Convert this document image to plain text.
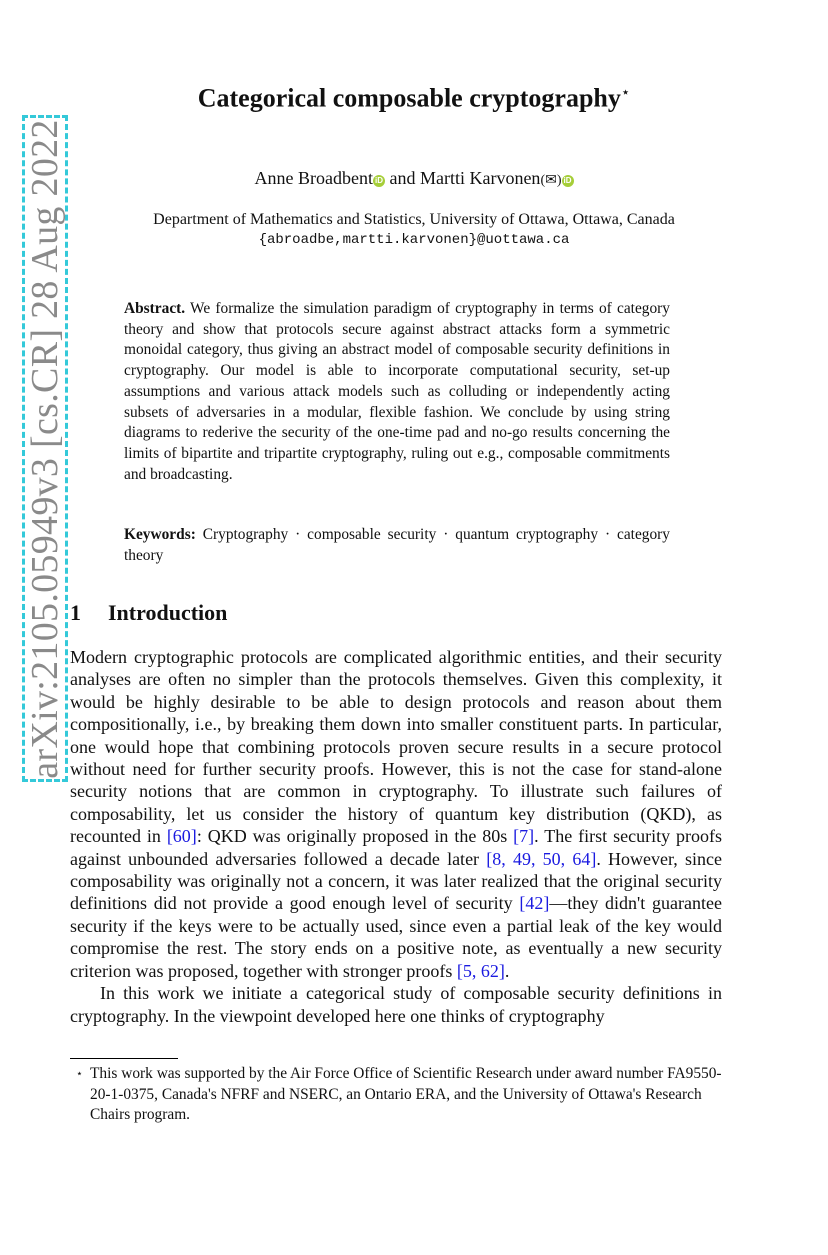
arXiv:2105.05949v3 [cs.CR] 28 Aug 2022
Categorical composable cryptography⋆
Anne Broadbent iD and Martti Karvonen(✉) iD
Department of Mathematics and Statistics, University of Ottawa, Ottawa, Canada
{abroadbe,martti.karvonen}@uottawa.ca
Abstract. We formalize the simulation paradigm of cryptography in terms of category theory and show that protocols secure against abstract attacks form a symmetric monoidal category, thus giving an abstract model of composable security definitions in cryptography. Our model is able to incorporate computational security, set-up assumptions and various attack models such as colluding or independently acting subsets of adversaries in a modular, flexible fashion. We conclude by using string diagrams to rederive the security of the one-time pad and no-go results concerning the limits of bipartite and tripartite cryptography, ruling out e.g., composable commitments and broadcasting.
Keywords: Cryptography · composable security · quantum cryptography · category theory
1 Introduction

Modern cryptographic protocols are complicated algorithmic entities, and their security analyses are often no simpler than the protocols themselves. Given this complexity, it would be highly desirable to be able to design protocols and reason about them compositionally, i.e., by breaking them down into smaller constituent parts. In particular, one would hope that combining protocols proven secure results in a secure protocol without need for further security proofs. However, this is not the case for stand-alone security notions that are common in cryptography. To illustrate such failures of composability, let us consider the history of quantum key distribution (QKD), as recounted in [60]: QKD was originally proposed in the 80s [7]. The first security proofs against unbounded adversaries followed a decade later [8, 49, 50, 64]. However, since composability was originally not a concern, it was later realized that the original security definitions did not provide a good enough level of security [42]—they didn't guarantee security if the keys were to be actually used, since even a partial leak of the key would compromise the rest. The story ends on a positive note, as eventually a new security criterion was proposed, together with stronger proofs [5, 62].

In this work we initiate a categorical study of composable security definitions in cryptography. In the viewpoint developed here one thinks of cryptography

⋆ This work was supported by the Air Force Office of Scientific Research under award number FA9550-20-1-0375, Canada's NFRF and NSERC, an Ontario ERA, and the University of Ottawa's Research Chairs program.
